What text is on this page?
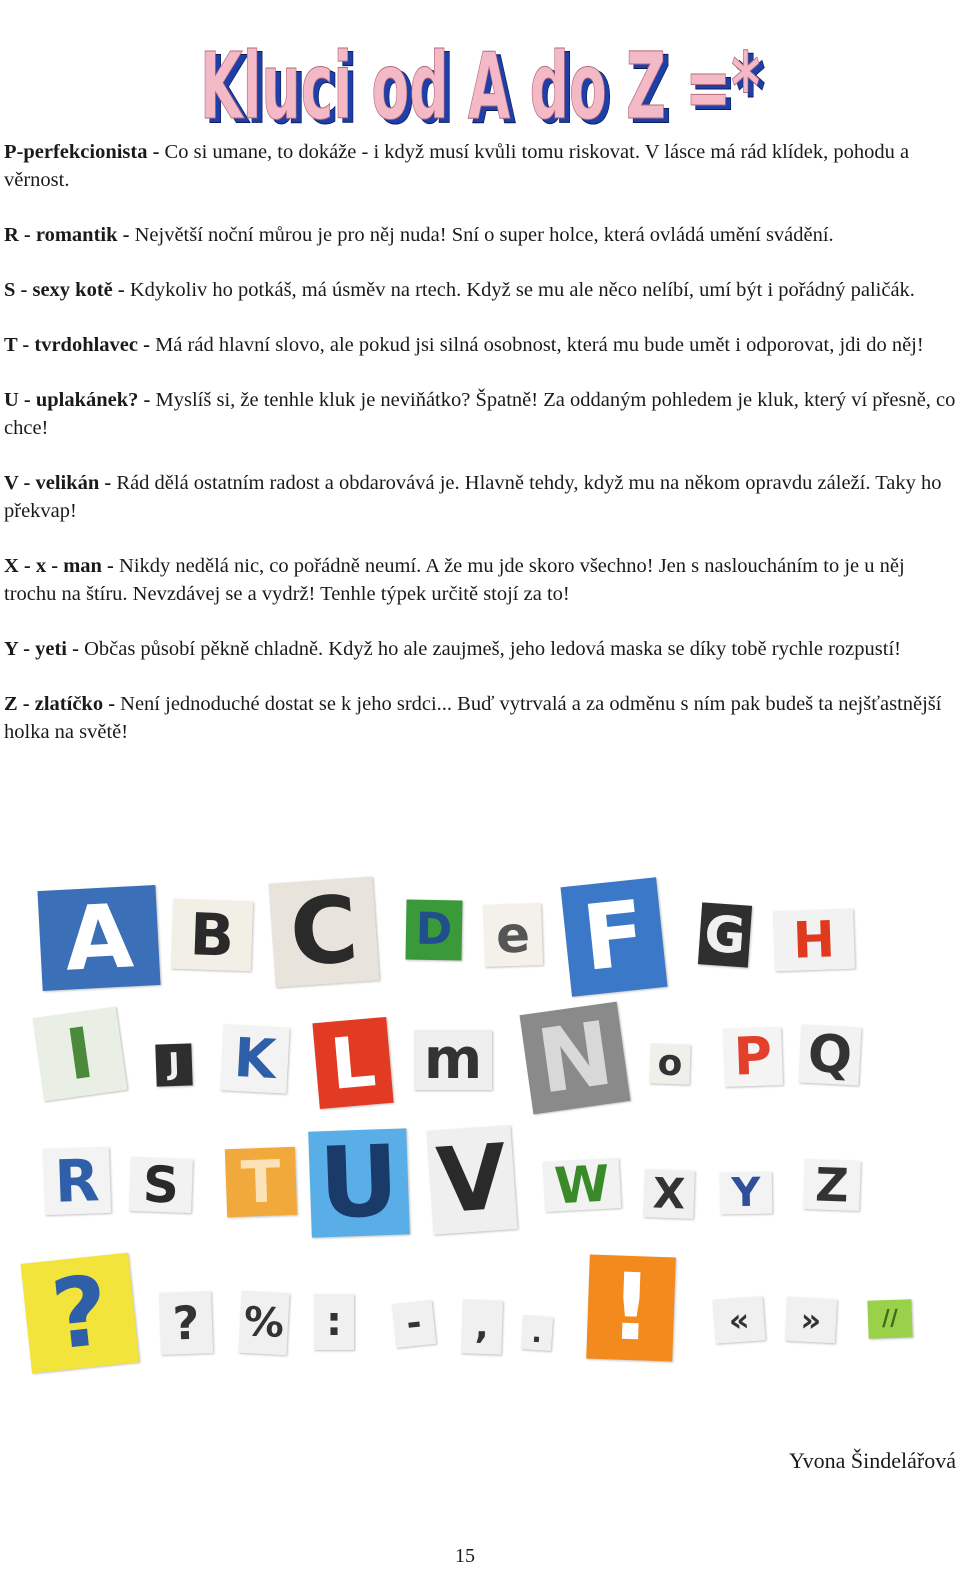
Kluci od A do Z =*
Kluci od A do Z =*

P-perfekcionista - Co si umane, to dokáže - i když musí kvůli tomu riskovat. V lásce má rád klídek, pohodu a věrnost.

R - romantik - Největší noční můrou je pro něj nuda! Sní o super holce, která ovládá umění svádění.

S - sexy kotě - Kdykoliv ho potkáš, má úsměv na rtech. Když se mu ale něco nelíbí, umí být i pořádný paličák.

T - tvrdohlavec - Má rád hlavní slovo, ale pokud jsi silná osobnost, která mu bude umět i odporovat, jdi do něj!

U - uplakánek? - Myslíš si, že tenhle kluk je neviňátko? Špatně! Za oddaným pohledem je kluk, který ví přesně, co chce!

V - velikán - Rád dělá ostatním radost a obdarovává je. Hlavně tehdy, když mu na někom opravdu záleží. Taky ho překvap!

X - x - man - Nikdy nedělá nic, co pořádně neumí. A že mu jde skoro všechno! Jen s nasloucháním to je u něj trochu na štíru. Nevzdávej se a vydrž! Tenhle týpek určitě stojí za to!

Y - yeti - Občas působí pěkně chladně. Když ho ale zaujmeš, jeho ledová maska se díky tobě rychle rozpustí!

Z - zlatíčko - Není jednoduché dostat se k jeho srdci... Buď vytrvalá a za odměnu s ním pak budeš ta nejšťastnější holka na světě!

A B C	D e F	G H
I	J K L m N	o P Q
R S T U V W X Y Z
?	?	%	:	-	,	. !	«	»	//
Yvona Šindelářová
15
